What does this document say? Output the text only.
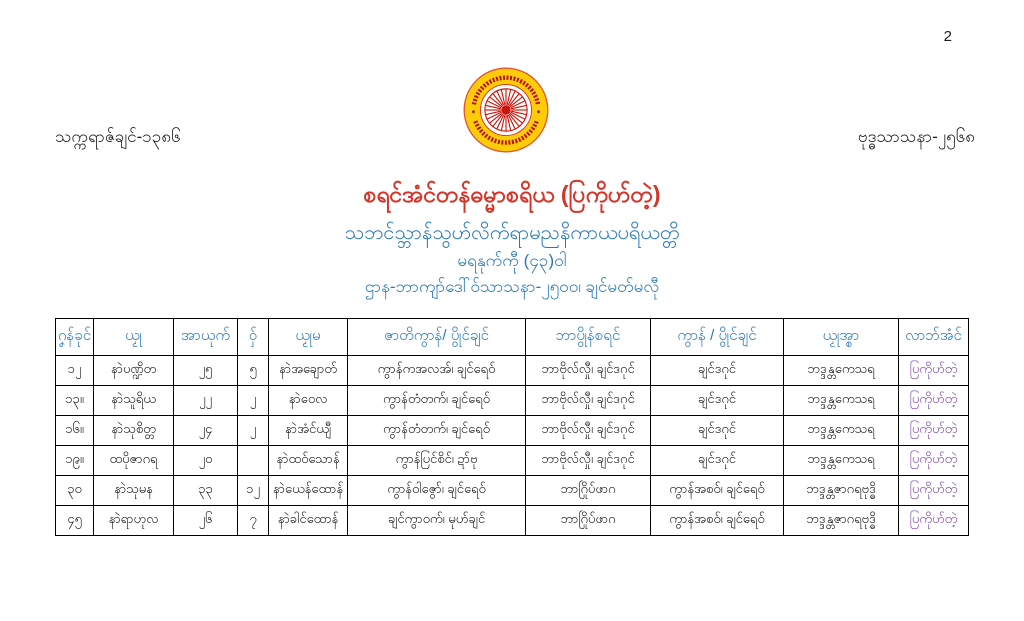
2
သက္ကရာဇ်ချင်-၁၃၈၆	ဗုဒ္ဓသာသနာ-၂၅၆၈
စရင်အံင်တန်ဓမ္မာစရိယ (ပြကိုဟ်တဲ့)
သဘင်သ္ဘာန်သွဟ်လိက်ရာမညနိကာယပရိယတ္တိ
မရနုက်ကီု (၄၃)ဝါ
ဌာန-ဘာကျာ်ဒေါ်ဝ်သာသနာ-၂၅၀၀၊ ချင်မတ်မလီု
ဂၞန်ခုင်	ယၟု	အာယုက်	ဝှ်	ယၟုမ	ဇာတိကွာန်/ ပွိုင်ချင်	ဘာပွိုန်စရင်	ကွာန် / ပွိုင်ချင်	ယၟုအ္စာ	လာဘ်အံင်
၁၂	နာဲပဏ္ဍိတ	၂၅	၅	နာဲအချောတ်	ကွာန်ကအလအ်၊ ချင်ရေဝ်	ဘာဗိုလ်လှီု၊ ချင်ဒဂုင်	ချင်ဒဂုင်	ဘဒ္ဒန္တကေသရ	ပြကိုဟ်တဲ့
၁၃။	နာဲသူရိယ	၂၂	၂	နာဲဝေလ	ကွာန်တံတက်၊ ချင်ရေဝ်	ဘာဗိုလ်လှီု၊ ချင်ဒဂုင်	ချင်ဒဂုင်	ဘဒ္ဒန္တကေသရ	ပြကိုဟ်တဲ့
၁၆။	နာဲသုစိတ္တ	၂၄	၂	နာဲအံင်ယျီ	ကွာန်တံတက်၊ ချင်ရေဝ်	ဘာဗိုလ်လှီု၊ ချင်ဒဂုင်	ချင်ဒဂုင်	ဘဒ္ဒန္တကေသရ	ပြကိုဟ်တဲ့
၁၉။	ထပိုဇာဂရ	၂၀		နာဲထဝ်သောန်	ကွာန်ပြင်စိင်၊ ဍာ်ဗု	ဘာဗိုလ်လှီု၊ ချင်ဒဂုင်	ချင်ဒဂုင်	ဘဒ္ဒန္တကေသရ	ပြကိုဟ်တဲ့
၃၀	နာဲသုမန	၃၃	၁၂	နာဲယေန်ထောန်	ကွာန်ဝါဇွော်၊ ချင်ရေဝ်	ဘာဂြိုပ်ဖာဂ	ကွာန်အစဝ်၊ ချင်ရေဝ်	ဘဒ္ဒန္တဇာဂရဗုဒ္ဓိ	ပြကိုဟ်တဲ့
၄၅	နာဲရာဟုလ	၂၆	၇	နာဲခါင်ထောန်	ချင်ကွာဝက်၊ မုဟ်ချင်	ဘာဂြိုပ်ဖာဂ	ကွာန်အစဝ်၊ ချင်ရေဝ်	ဘဒ္ဒန္တဇာဂရဗုဒ္ဓိ	ပြကိုဟ်တဲ့
